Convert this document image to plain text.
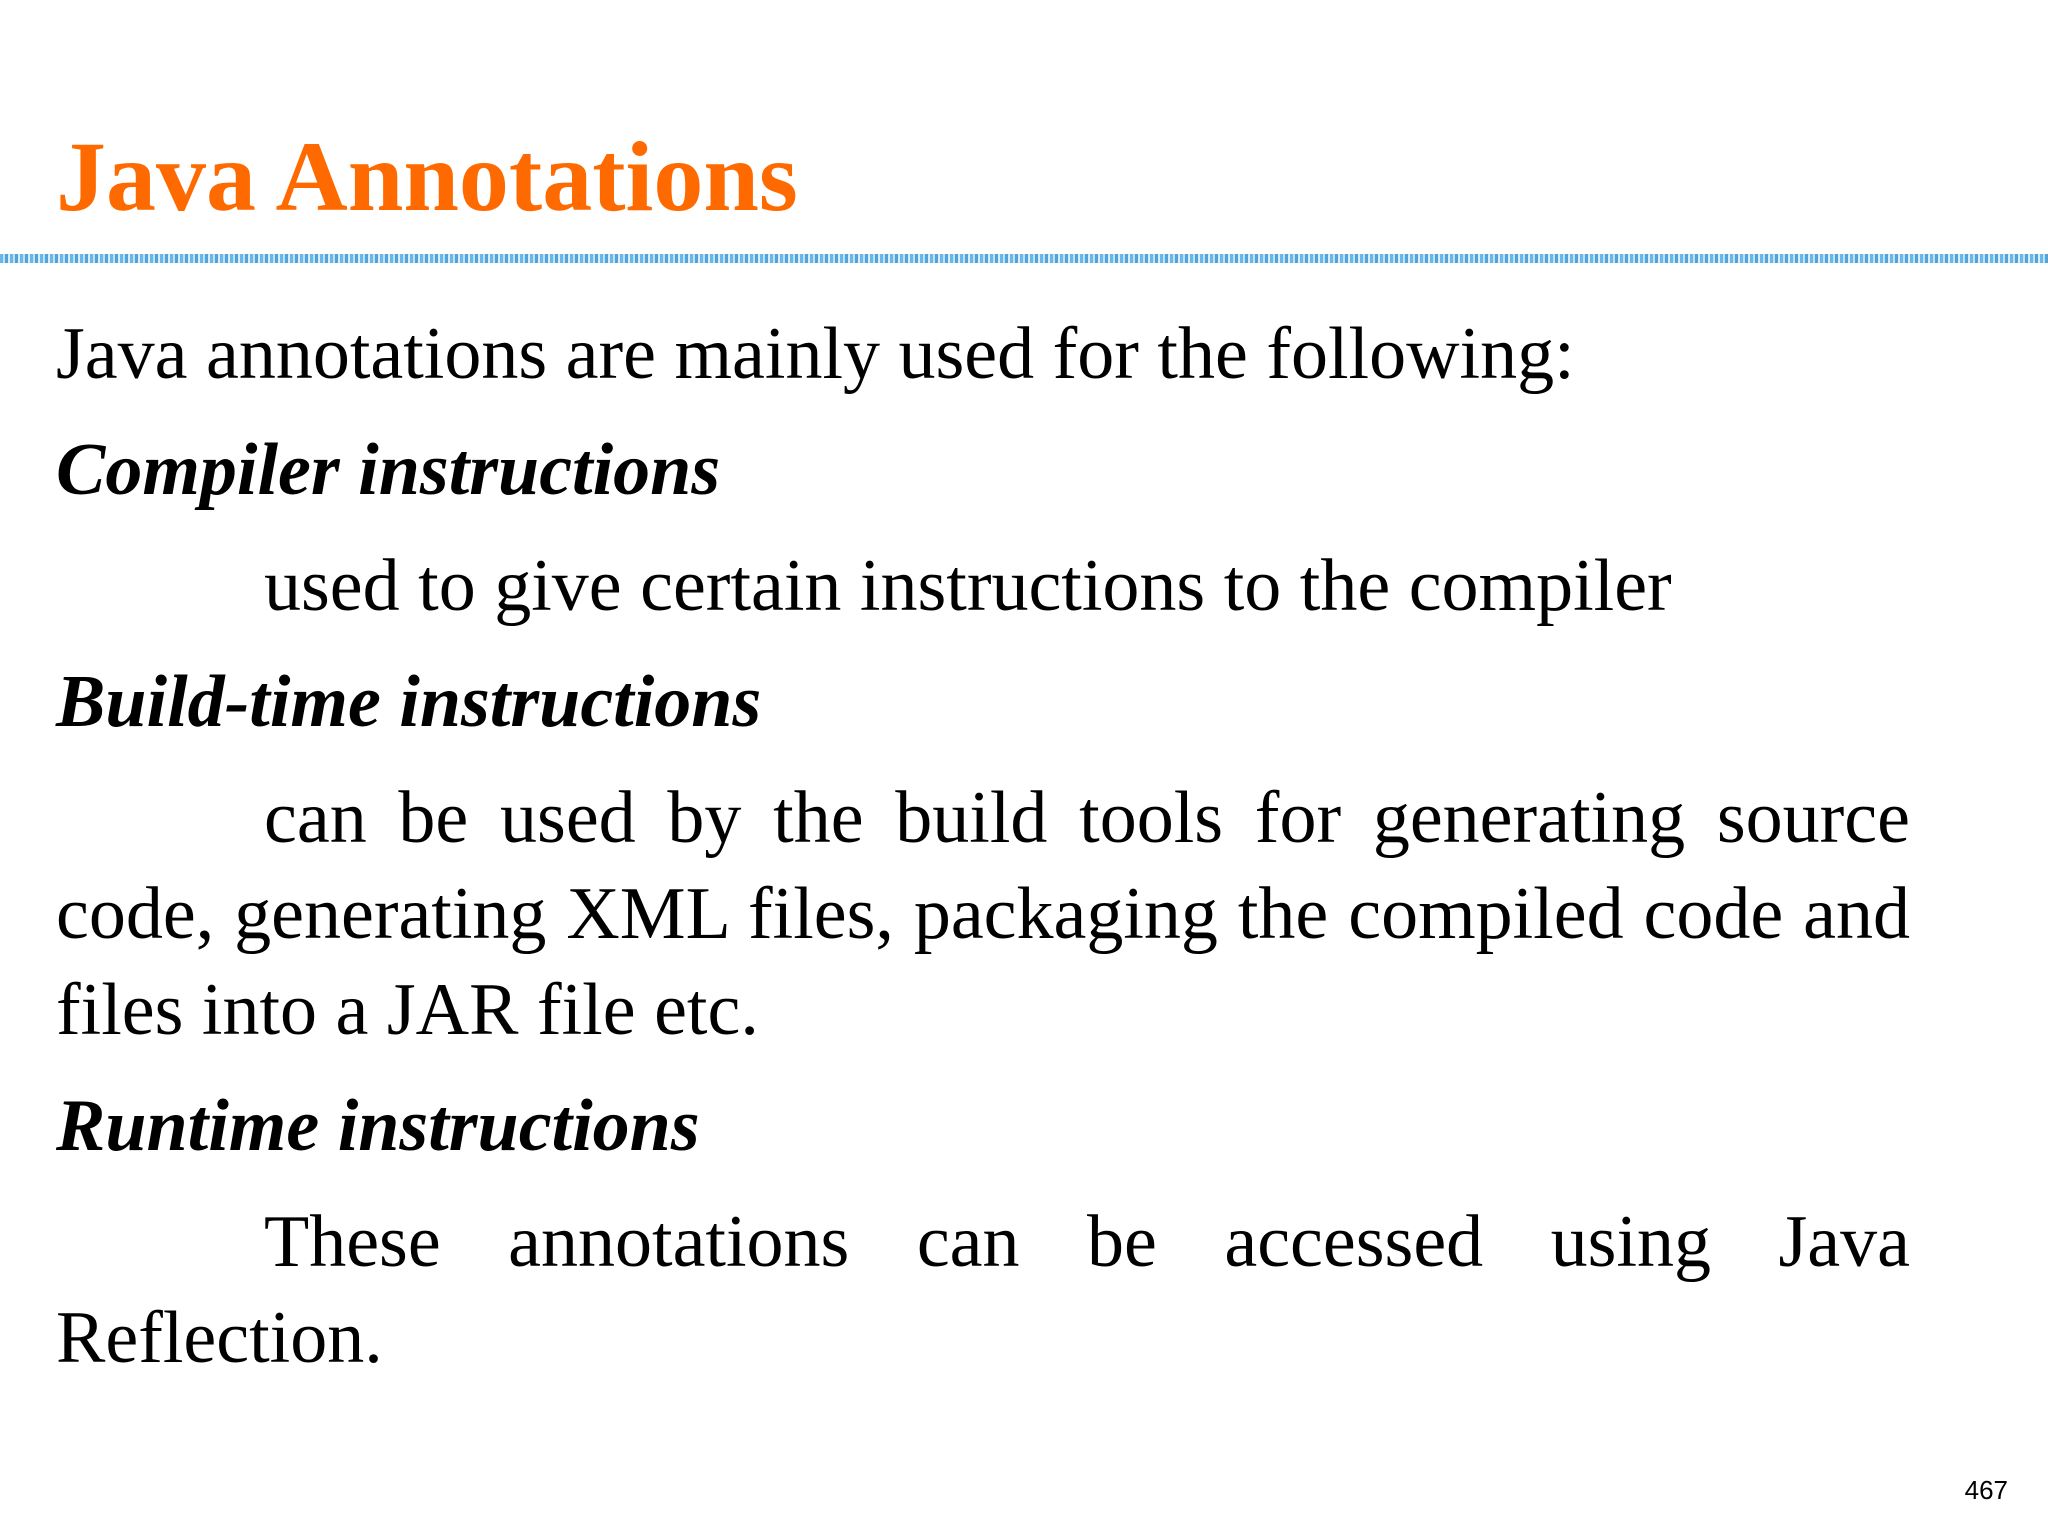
Java Annotations

Java annotations are mainly used for the following:

Compiler instructions

used to give certain instructions to the compiler

Build-time instructions

can be used by the build tools for generating source code, generating XML files, packaging the compiled code and files into a JAR file etc.

Runtime instructions

These annotations can be accessed using Java Reflection.

467
